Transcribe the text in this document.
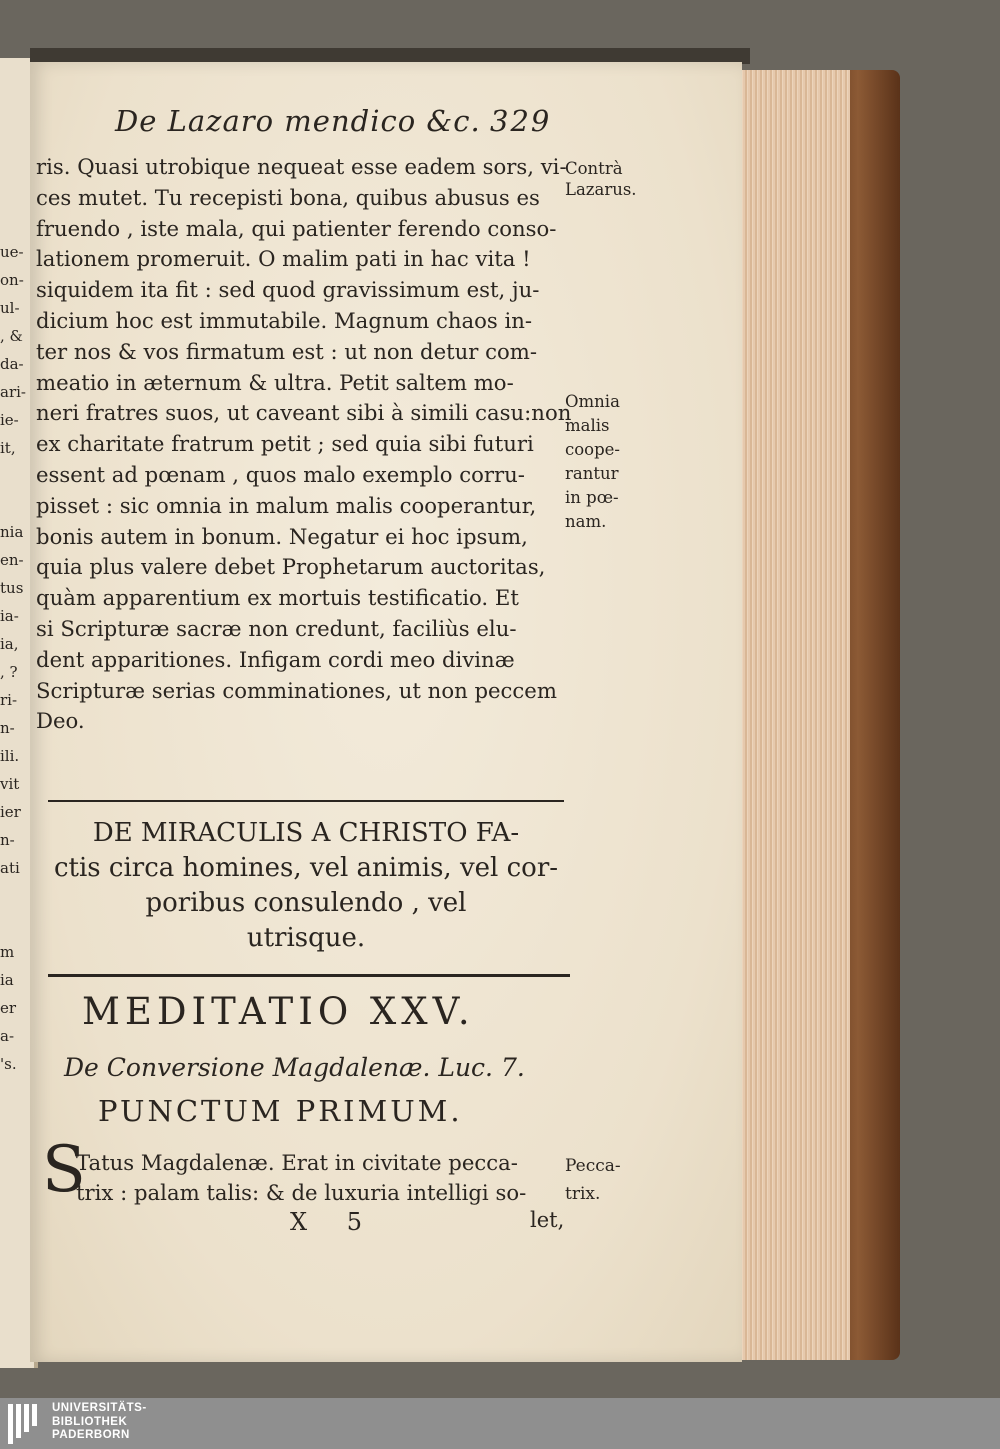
ue-
on-
ul-
, &
da-
ari-
ie-
it,
nia
en-
tus
ia-
ia,
, ?
ri-
n-
ili.
vit
ier
n-
ati
m
ia
er
a-
's.
De Lazaro mendico &c. 329
ris. Quasi utrobique nequeat esse eadem sors, vi-
ces mutet. Tu recepisti bona, quibus abusus es
fruendo , iste mala, qui patienter ferendo conso-
lationem promeruit. O malim pati in hac vita !
siquidem ita fit : sed quod gravissimum est, ju-
dicium hoc est immutabile. Magnum chaos in-
ter nos & vos firmatum est : ut non detur com-
meatio in æternum & ultra. Petit saltem mo-
neri fratres suos, ut caveant sibi à simili casu:non
ex charitate fratrum petit ; sed quia sibi futuri
essent ad pœnam , quos malo exemplo corru-
pisset : sic omnia in malum malis cooperantur,
bonis autem in bonum. Negatur ei hoc ipsum,
quia plus valere debet Prophetarum auctoritas,
quàm apparentium ex mortuis testificatio. Et
si Scripturæ sacræ non credunt, faciliùs elu-
dent apparitiones. Infigam cordi meo divinæ
Scripturæ serias comminationes, ut non peccem
Deo.
Contrà
Lazarus.
Omnia
malis
coope-
rantur
in pœ-
nam.
DE MIRACULIS A CHRISTO FA-
ctis circa homines, vel animis, vel cor-
poribus consulendo , vel
utrisque.
MEDITATIO XXV.
De Conversione Magdalenæ. Luc. 7.
PUNCTUM PRIMUM.
S
Tatus Magdalenæ. Erat in civitate pecca-
trix : palam talis: & de luxuria intelligi so-
Pecca-
trix.
X 5	let,
UNIVERSITÄTS-
BIBLIOTHEK
PADERBORN
